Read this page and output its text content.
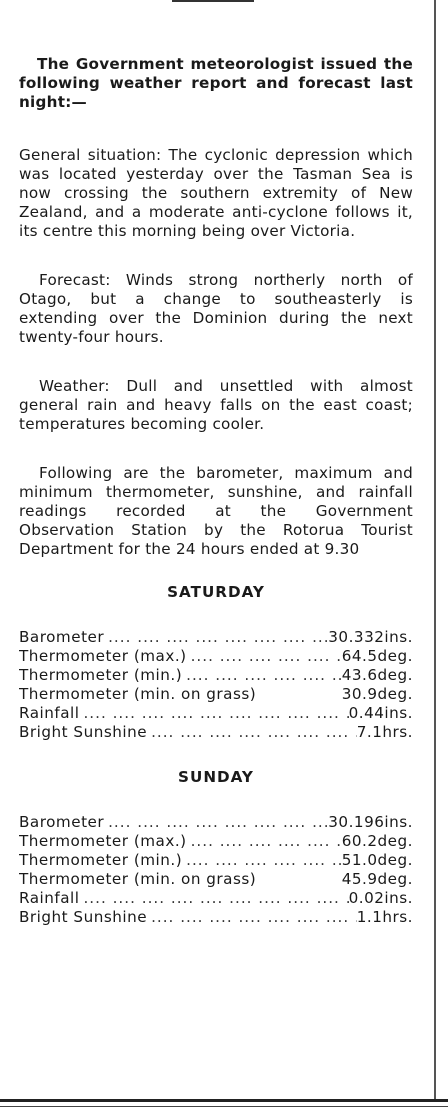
The Government meteorologist issued the following weather report and forecast last night:—

General situation: The cyclonic depression which was located yesterday over the Tasman Sea is now crossing the southern extremity of New Zealand, and a moderate anti-cyclone follows it, its centre this morning being over Victoria.

Forecast: Winds strong northerly north of Otago, but a change to southeasterly is extending over the Dominion during the next twenty-four hours.

Weather: Dull and unsettled with almost general rain and heavy falls on the east coast; temperatures becoming cooler.

Following are the barometer, maximum and minimum thermometer, sunshine, and rainfall readings recorded at the Government Observation Station by the Rotorua Tourist Department for the 24 hours ended at 9.30

SATURDAY
Barometer ....	30.332ins.
Thermometer (max.) ....	64.5deg.
Thermometer (min.) ....	43.6deg.
Thermometer (min. on grass)	30.9deg.
Rainfall ....	0.44ins.
Bright Sunshine ....	7.1hrs.
SUNDAY
Barometer ....	30.196ins.
Thermometer (max.) ....	60.2deg.
Thermometer (min.) ....	51.0deg.
Thermometer (min. on grass)	45.9deg.
Rainfall ....	0.02ins.
Bright Sunshine ....	1.1hrs.
